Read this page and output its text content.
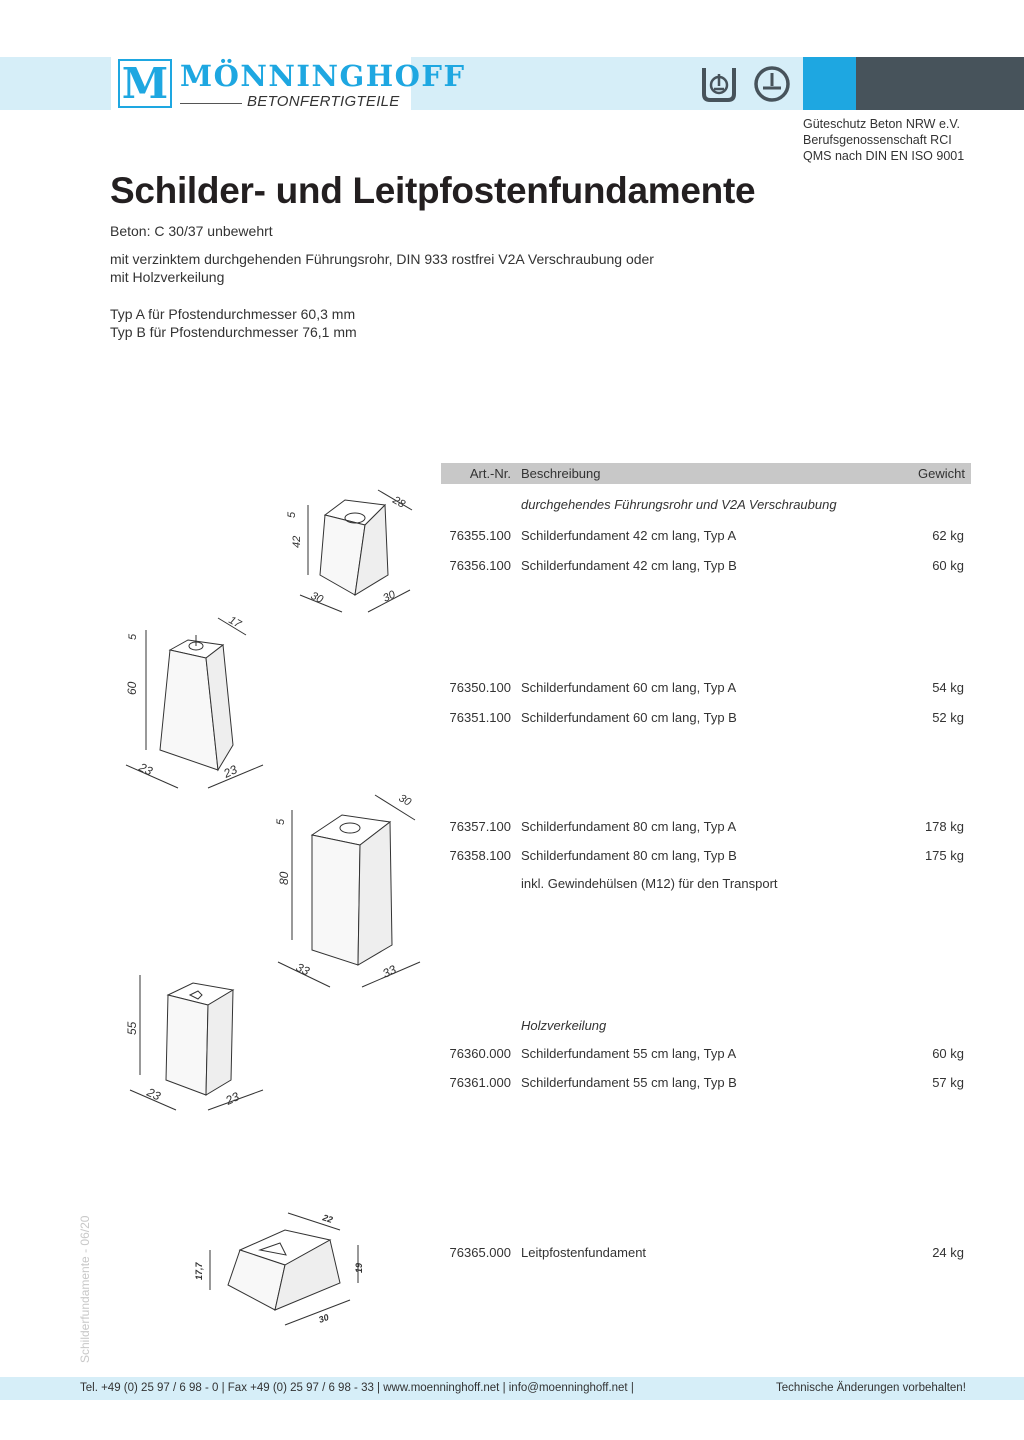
M MÖNNINGHOFF
BETONFERTIGTEILE
Güteschutz Beton NRW e.V.
Berufsgenossenschaft RCI
QMS nach DIN EN ISO 9001
Schilder- und Leitpfostenfundamente
Beton: C 30/37 unbewehrt
mit verzinktem durchgehenden Führungsrohr, DIN 933 rostfrei V2A Verschraubung oder
mit Holzverkeilung
Typ A für Pfostendurchmesser 60,3 mm
Typ B für Pfostendurchmesser 76,1 mm
Art.-Nr. Beschreibung	Gewicht
durchgehendes Führungsrohr und V2A Verschraubung
76355.100 Schilderfundament 42 cm lang, Typ A	62 kg
76356.100 Schilderfundament 42 cm lang, Typ B	60 kg
76350.100 Schilderfundament 60 cm lang, Typ A	54 kg
76351.100 Schilderfundament 60 cm lang, Typ B	52 kg
76357.100 Schilderfundament 80 cm lang, Typ A	178 kg
76358.100 Schilderfundament 80 cm lang, Typ B	175 kg
inkl. Gewindehülsen (M12) für den Transport
Holzverkeilung
76360.000 Schilderfundament 55 cm lang, Typ A	60 kg
76361.000 Schilderfundament 55 cm lang, Typ B	57 kg
76365.000 Leitpfostenfundament	24 kg
5
42
28
30	30
5
60
17
23	23
5
80
30
33	33
55
23	23
17,7	19
22
30
Schilderfundamente - 06/20
Tel. +49 (0) 25 97 / 6 98 - 0 | Fax +49 (0) 25 97 / 6 98 - 33 | www.moenninghoff.net | info@moenninghoff.net |	Technische Änderungen vorbehalten!
